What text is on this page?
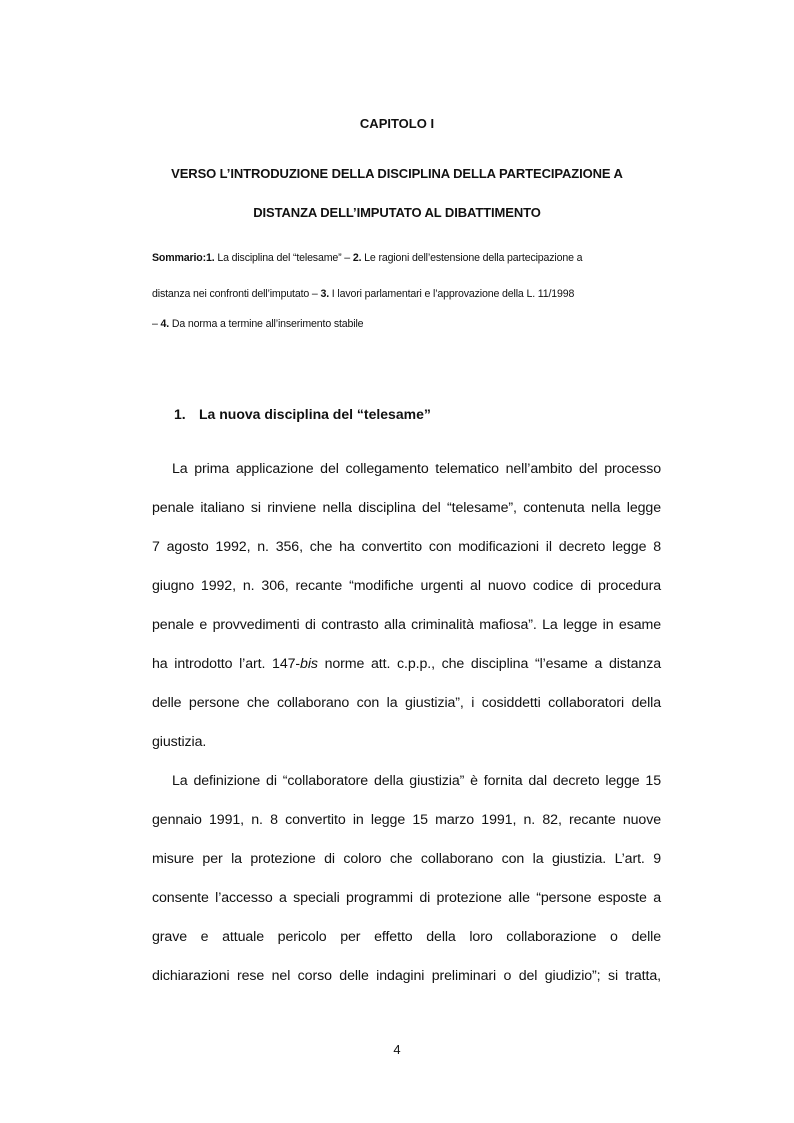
CAPITOLO I
VERSO L’INTRODUZIONE DELLA DISCIPLINA DELLA PARTECIPAZIONE A
DISTANZA DELL’IMPUTATO AL DIBATTIMENTO
Sommario:1. La disciplina del “telesame” – 2. Le ragioni dell’estensione della partecipazione a
distanza nei confronti dell’imputato – 3. I lavori parlamentari e l’approvazione della L. 11/1998
– 4. Da norma a termine all’inserimento stabile
1. La nuova disciplina del “telesame”
La prima applicazione del collegamento telematico nell’ambito del processo
penale italiano si rinviene nella disciplina del “telesame”, contenuta nella legge
7 agosto 1992, n. 356, che ha convertito con modificazioni il decreto legge 8
giugno 1992, n. 306, recante “modifiche urgenti al nuovo codice di procedura
penale e provvedimenti di contrasto alla criminalità mafiosa”. La legge in esame
ha introdotto l’art. 147-bis norme att. c.p.p., che disciplina “l’esame a distanza
delle persone che collaborano con la giustizia”, i cosiddetti collaboratori della
giustizia.
La definizione di “collaboratore della giustizia” è fornita dal decreto legge 15
gennaio 1991, n. 8 convertito in legge 15 marzo 1991, n. 82, recante nuove
misure per la protezione di coloro che collaborano con la giustizia. L’art. 9
consente l’accesso a speciali programmi di protezione alle “persone esposte a
grave e attuale pericolo per effetto della loro collaborazione o delle
dichiarazioni rese nel corso delle indagini preliminari o del giudizio”; si tratta,
4
